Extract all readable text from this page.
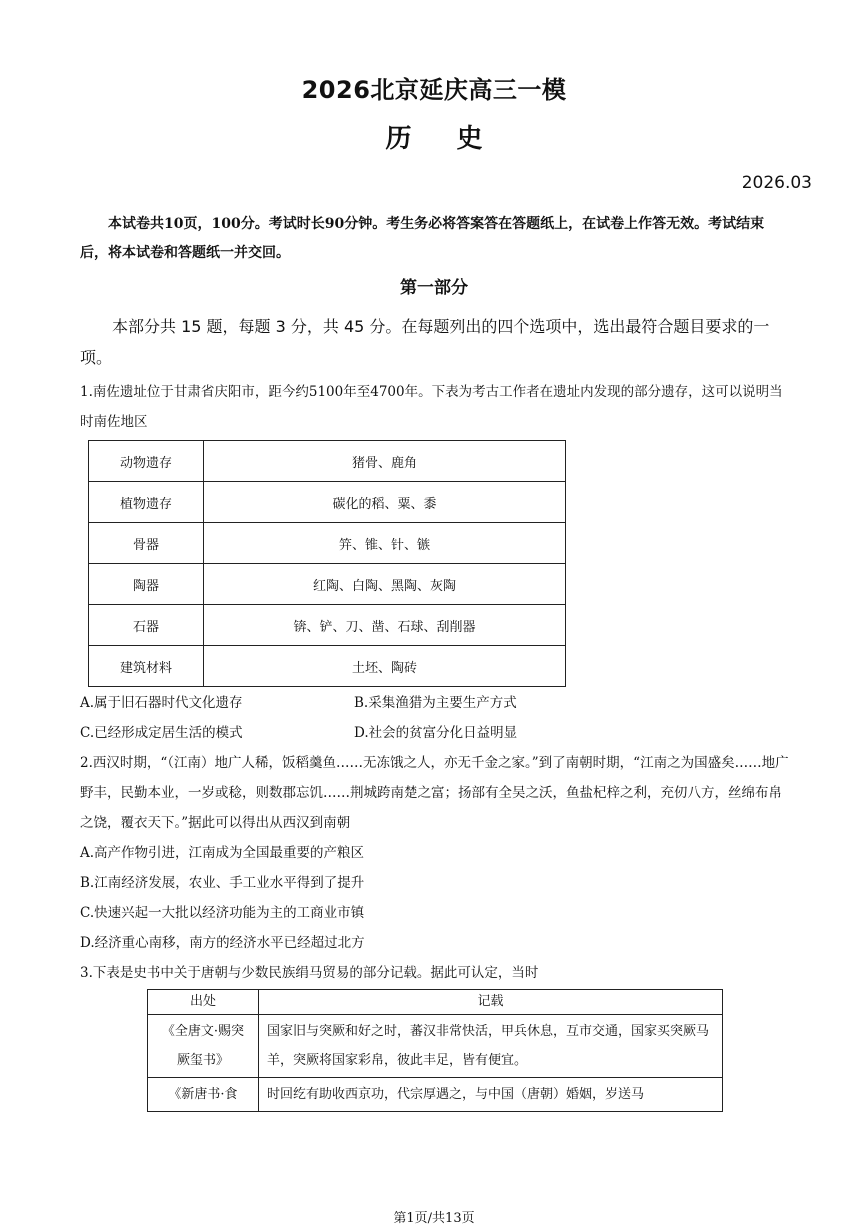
2026北京延庆高三一模
历 史
2026.03
本试卷共10页，100分。考试时长90分钟。考生务必将答案答在答题纸上，在试卷上作答无效。考试结束后，将本试卷和答题纸一并交回。
第一部分
本部分共 15 题，每题 3 分，共 45 分。在每题列出的四个选项中，选出最符合题目要求的一项。
1.南佐遗址位于甘肃省庆阳市，距今约5100年至4700年。下表为考古工作者在遗址内发现的部分遗存，这可以说明当时南佐地区
动物遗存	猪骨、鹿角
植物遗存	碳化的稻、粟、黍
骨器	笄、锥、针、镞
陶器	红陶、白陶、黑陶、灰陶
石器	锛、铲、刀、凿、石球、刮削器
建筑材料	土坯、陶砖
A.属于旧石器时代文化遗存	B.采集渔猎为主要生产方式
C.已经形成定居生活的模式	D.社会的贫富分化日益明显
2.西汉时期，“（江南）地广人稀，饭稻羹鱼……无冻饿之人，亦无千金之家。”到了南朝时期，“江南之为国盛矣……地广野丰，民勤本业，一岁或稔，则数郡忘饥……荆城跨南楚之富；扬部有全吴之沃，鱼盐杞梓之利，充仞八方，丝绵布帛之饶，覆衣天下。”据此可以得出从西汉到南朝
A.高产作物引进，江南成为全国最重要的产粮区
B.江南经济发展，农业、手工业水平得到了提升
C.快速兴起一大批以经济功能为主的工商业市镇
D.经济重心南移，南方的经济水平已经超过北方
3.下表是史书中关于唐朝与少数民族绢马贸易的部分记载。据此可认定，当时
出处	记载
《全唐文·赐突厥玺书》	国家旧与突厥和好之时，蕃汉非常快活，甲兵休息，互市交通，国家买突厥马羊，突厥将国家彩帛，彼此丰足，皆有便宜。
《新唐书·食	时回纥有助收西京功，代宗厚遇之，与中国（唐朝）婚姻，岁送马
第1页/共13页
